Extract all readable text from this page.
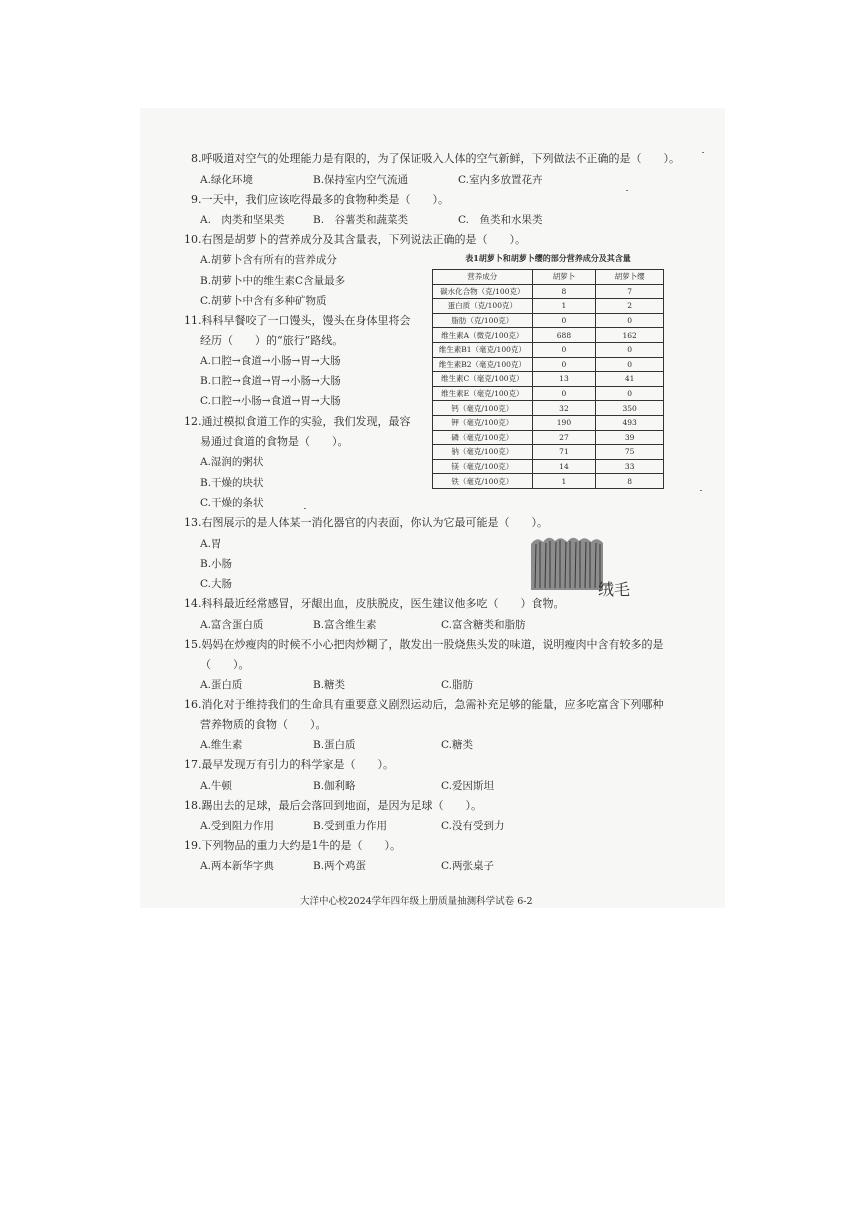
8.呼吸道对空气的处理能力是有限的，为了保证吸入人体的空气新鲜，下列做法不正确的是（　　）。
A.绿化环境	B.保持室内空气流通	C.室内多放置花卉
9.一天中，我们应该吃得最多的食物种类是（　　）。
A.　肉类和坚果类	B.　谷薯类和蔬菜类	C.　鱼类和水果类
10.右图是胡萝卜的营养成分及其含量表，下列说法正确的是（　　）。
A.胡萝卜含有所有的营养成分
B.胡萝卜中的维生素C含量最多
C.胡萝卜中含有多种矿物质
表1胡萝卜和胡萝卜缨的部分营养成分及其含量
营养成分	胡萝卜	胡萝卜缨
碳水化合物（克/100克）	8	7
蛋白质（克/100克）	1	2
脂肪（克/100克）	0	0
维生素A（微克/100克）	688	162
维生素B1（毫克/100克）	0	0
维生素B2（毫克/100克）	0	0
维生素C（毫克/100克）	13	41
维生素E（毫克/100克）	0	0
钙（毫克/100克）	32	350
钾（毫克/100克）	190	493
磷（毫克/100克）	27	39
钠（毫克/100克）	71	75
镁（毫克/100克）	14	33
铁（毫克/100克）	1	8
11.科科早餐咬了一口馒头，馒头在身体里将会
经历（　　）的“旅行”路线。
A.口腔→食道→小肠→胃→大肠
B.口腔→食道→胃→小肠→大肠
C.口腔→小肠→食道→胃→大肠
12.通过模拟食道工作的实验，我们发现，最容
易通过食道的食物是（　　）。
A.湿润的粥状
B.干燥的块状
C.干燥的条状
13.右图展示的是人体某一消化器官的内表面，你认为它最可能是（　　）。
A.胃
B.小肠
C.大肠	绒毛
14.科科最近经常感冒，牙龈出血，皮肤脱皮，医生建议他多吃（　　）食物。
A.富含蛋白质	B.富含维生素	C.富含糖类和脂肪
15.妈妈在炒瘦肉的时候不小心把肉炒糊了，散发出一股烧焦头发的味道，说明瘦肉中含有较多的是
（　　）。
A.蛋白质	B.糖类	C.脂肪
16.消化对于维持我们的生命具有重要意义剧烈运动后，急需补充足够的能量，应多吃富含下列哪种
营养物质的食物（　　）。
A.维生素	B.蛋白质	C.糖类
17.最早发现万有引力的科学家是（　　）。
A.牛顿	B.伽利略	C.爱因斯坦
18.踢出去的足球，最后会落回到地面，是因为足球（　　）。
A.受到阻力作用	B.受到重力作用	C.没有受到力
19.下列物品的重力大约是1牛的是（　　）。
A.两本新华字典	B.两个鸡蛋	C.两张桌子
大洋中心校2024学年四年级上册质量抽测科学试卷 6-2
